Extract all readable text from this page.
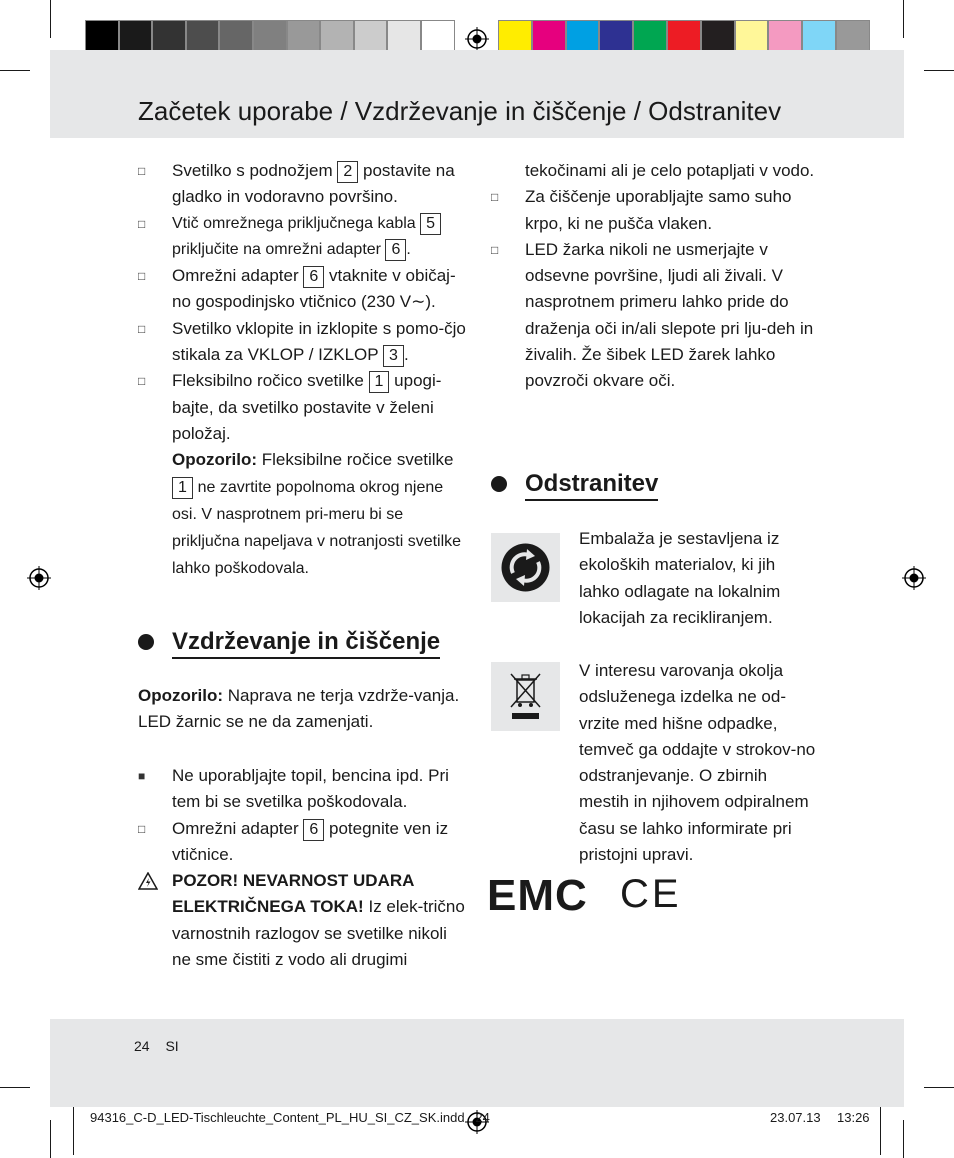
Začetek uporabe / Vzdrževanje in čiščenje / Odstranitev
□ Svetilko s podnožjem 2 postavite na gladko in vodoravno površino.
□ Vtič omrežnega priključnega kabla 5 priključite na omrežni adapter 6 .
□ Omrežni adapter 6 vtaknite v običaj-no gospodinjsko vtičnico (230 V∼).
□ Svetilko vklopite in izklopite s pomo-čjo stikala za VKLOP / IZKLOP 3 .
□ Fleksibilno ročico svetilke 1 upogi-bajte, da svetilko postavite v želeni položaj.
Opozorilo: Fleksibilne ročice svetilke 1 ne zavrtite popolnoma okrog njene osi. V nasprotnem pri-meru bi se priključna napeljava v notranjosti svetilke lahko poškodovala.
Vzdrževanje in čiščenje
Opozorilo: Naprava ne terja vzdrže-vanja. LED žarnic se ne da zamenjati.
■ Ne uporabljajte topil, bencina ipd. Pri tem bi se svetilka poškodovala.
□ Omrežni adapter 6 potegnite ven iz vtičnice.
POZOR! NEVARNOST UDARA ELEKTRIČNEGA TOKA! Iz elek-trično varnostnih razlogov se svetilke nikoli ne sme čistiti z vodo ali drugimi
tekočinami ali je celo potapljati v vodo.
□ Za čiščenje uporabljajte samo suho krpo, ki ne pušča vlaken.
□ LED žarka nikoli ne usmerjajte v odsevne površine, ljudi ali živali. V nasprotnem primeru lahko pride do draženja oči in/ali slepote pri lju-deh in živalih. Že šibek LED žarek lahko povzroči okvare oči.
Odstranitev
Embalaža je sestavljena iz ekoloških materialov, ki jih lahko odlagate na lokalnim lokacijah za recikliranjem.
V interesu varovanja okolja odsluženega izdelka ne od-vrzite med hišne odpadke, temveč ga oddajte v strokov-no odstranjevanje. O zbirnih mestih in njihovem odpiralnem času se lahko informirate pri pristojni upravi.
EMC CE
24 SI
94316_C-D_LED-Tischleuchte_Content_PL_HU_SI_CZ_SK.indd   24	23.07.13 13:26
